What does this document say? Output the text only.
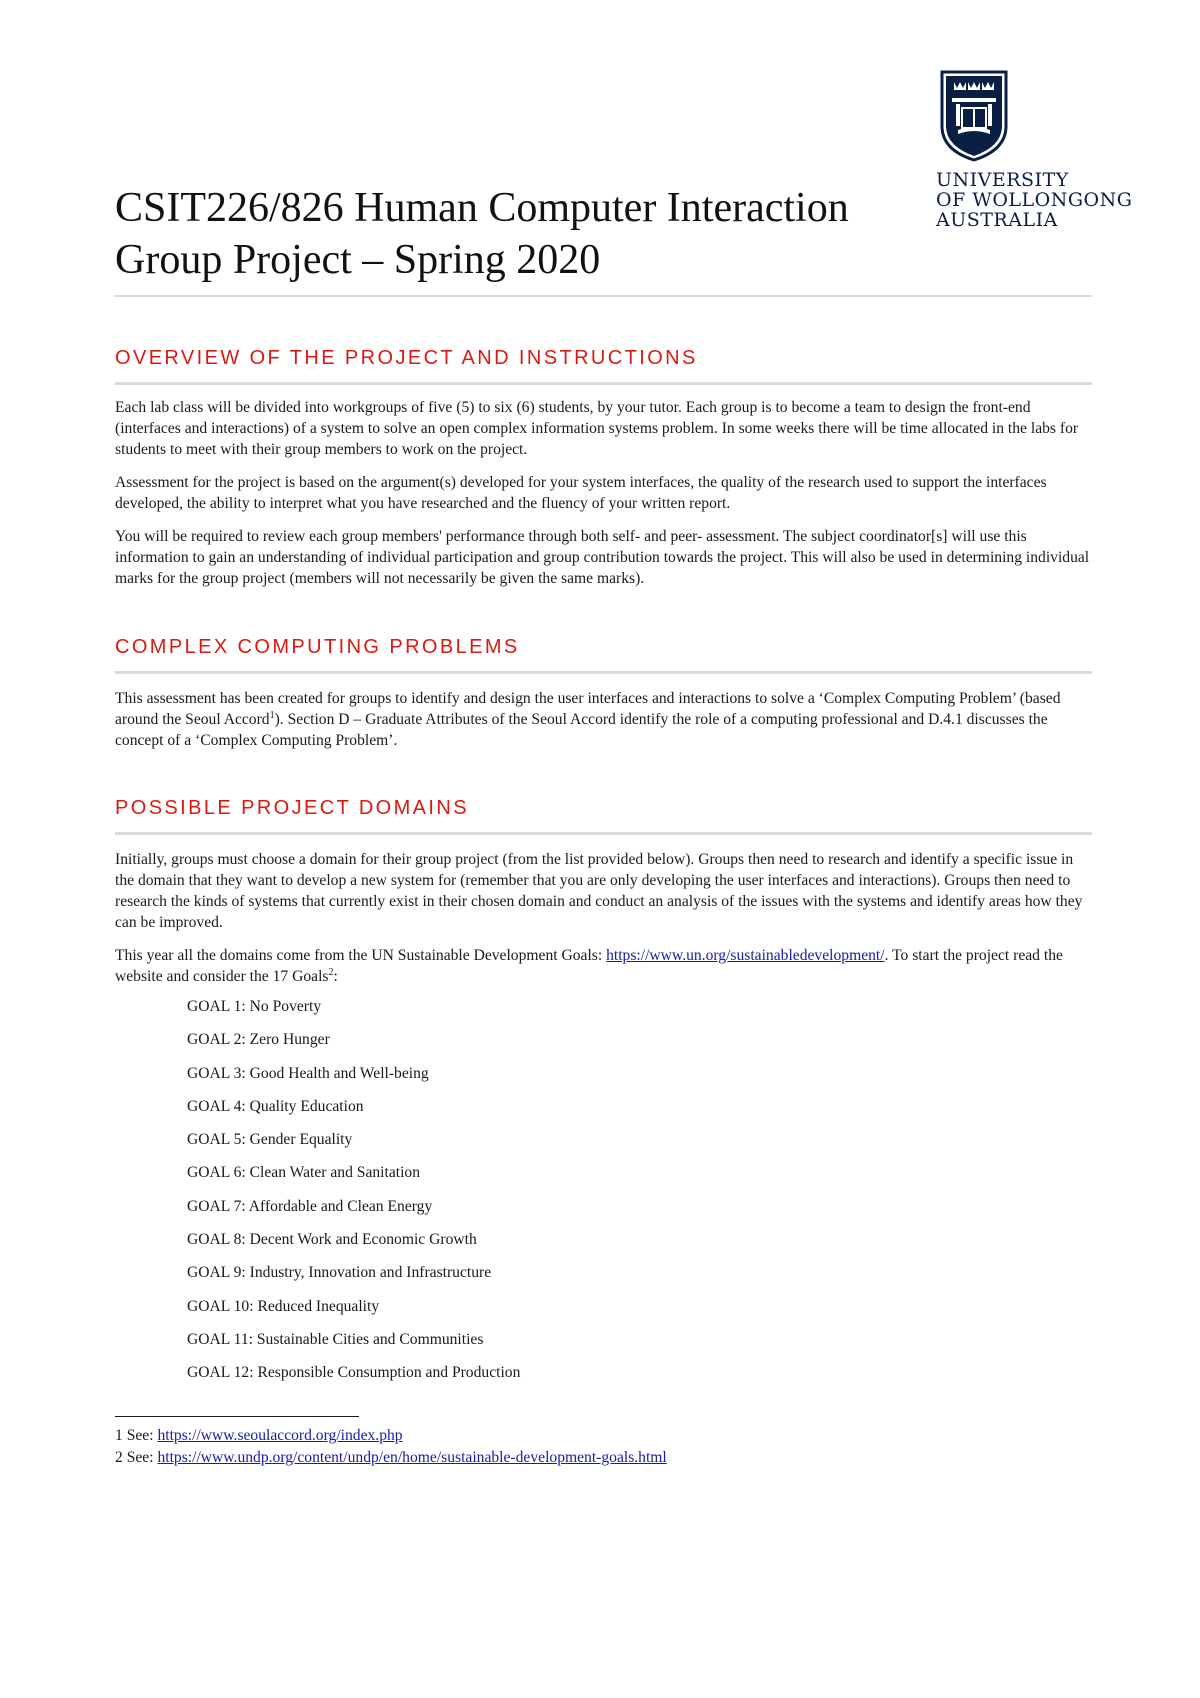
UNIVERSITY
OF WOLLONGONG
AUSTRALIA
CSIT226/826 Human Computer Interaction
Group Project – Spring 2020
OVERVIEW OF THE PROJECT AND INSTRUCTIONS

Each lab class will be divided into workgroups of five (5) to six (6) students, by your tutor. Each group is to become a team to design the front-end (interfaces and interactions) of a system to solve an open complex information systems problem. In some weeks there will be time allocated in the labs for students to meet with their group members to work on the project.

Assessment for the project is based on the argument(s) developed for your system interfaces, the quality of the research used to support the interfaces developed, the ability to interpret what you have researched and the fluency of your written report.

You will be required to review each group members' performance through both self- and peer- assessment. The subject coordinator[s] will use this information to gain an understanding of individual participation and group contribution towards the project. This will also be used in determining individual marks for the group project (members will not necessarily be given the same marks).

COMPLEX COMPUTING PROBLEMS

This assessment has been created for groups to identify and design the user interfaces and interactions to solve a ‘Complex Computing Problem’ (based around the Seoul Accord$^1$). Section D – Graduate Attributes of the Seoul Accord identify the role of a computing professional and D.4.1 discusses the concept of a ‘Complex Computing Problem’.

POSSIBLE PROJECT DOMAINS

Initially, groups must choose a domain for their group project (from the list provided below). Groups then need to research and identify a specific issue in the domain that they want to develop a new system for (remember that you are only developing the user interfaces and interactions). Groups then need to research the kinds of systems that currently exist in their chosen domain and conduct an analysis of the issues with the systems and identify areas how they can be improved.

This year all the domains come from the UN Sustainable Development Goals: https://www.un.org/sustainabledevelopment/. To start the project read the website and consider the 17 Goals$^2$:

GOAL 1: No Poverty
GOAL 2: Zero Hunger
GOAL 3: Good Health and Well-being
GOAL 4: Quality Education
GOAL 5: Gender Equality
GOAL 6: Clean Water and Sanitation
GOAL 7: Affordable and Clean Energy
GOAL 8: Decent Work and Economic Growth
GOAL 9: Industry, Innovation and Infrastructure
GOAL 10: Reduced Inequality
GOAL 11: Sustainable Cities and Communities
GOAL 12: Responsible Consumption and Production

1 See: https://www.seoulaccord.org/index.php

2 See: https://www.undp.org/content/undp/en/home/sustainable-development-goals.html
